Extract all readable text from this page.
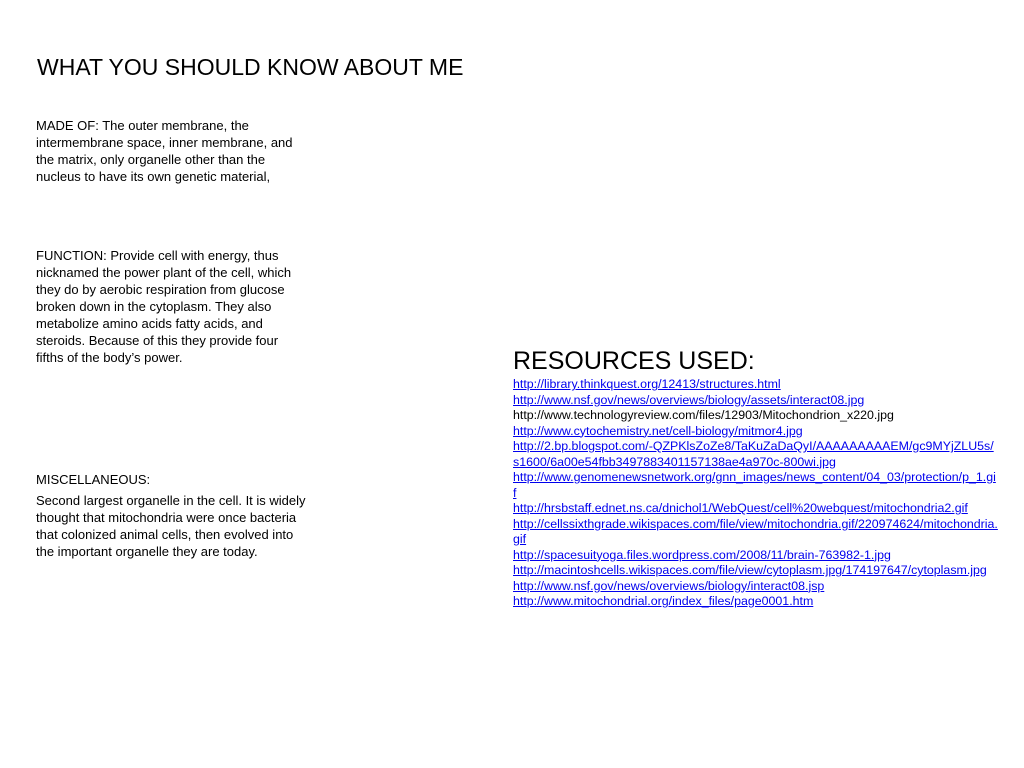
WHAT YOU SHOULD KNOW ABOUT ME

MADE OF: The outer membrane, the intermembrane space, inner membrane, and the matrix, only organelle other than the nucleus to have its own genetic material,

FUNCTION: Provide cell with energy, thus nicknamed the power plant of the cell, which they do by aerobic respiration from glucose broken down in the cytoplasm. They also metabolize amino acids fatty acids, and steroids. Because of this they provide four fifths of the body’s power.

MISCELLANEOUS:

Second largest organelle in the cell. It is widely thought that mitochondria were once bacteria that colonized animal cells, then evolved into the important organelle they are today.

RESOURCES USED:
http://library.thinkquest.org/12413/structures.html
http://www.nsf.gov/news/overviews/biology/assets/interact08.jpg
http://www.technologyreview.com/files/12903/Mitochondrion_x220.jpg
http://www.cytochemistry.net/cell-biology/mitmor4.jpg
http://2.bp.blogspot.com/-QZPKlsZoZe8/TaKuZaDaQyI/AAAAAAAAAEM/gc9MYjZLU5s/s1600/6a00e54fbb3497883401157138ae4a970c-800wi.jpg
http://www.genomenewsnetwork.org/gnn_images/news_content/04_03/protection/p_1.gif
http://hrsbstaff.ednet.ns.ca/dnichol1/WebQuest/cell%20webquest/mitochondria2.gif
http://cellssixthgrade.wikispaces.com/file/view/mitochondria.gif/220974624/mitochondria.gif
http://spacesuityoga.files.wordpress.com/2008/11/brain-763982-1.jpg
http://macintoshcells.wikispaces.com/file/view/cytoplasm.jpg/174197647/cytoplasm.jpg
http://www.nsf.gov/news/overviews/biology/interact08.jsp
http://www.mitochondrial.org/index_files/page0001.htm
